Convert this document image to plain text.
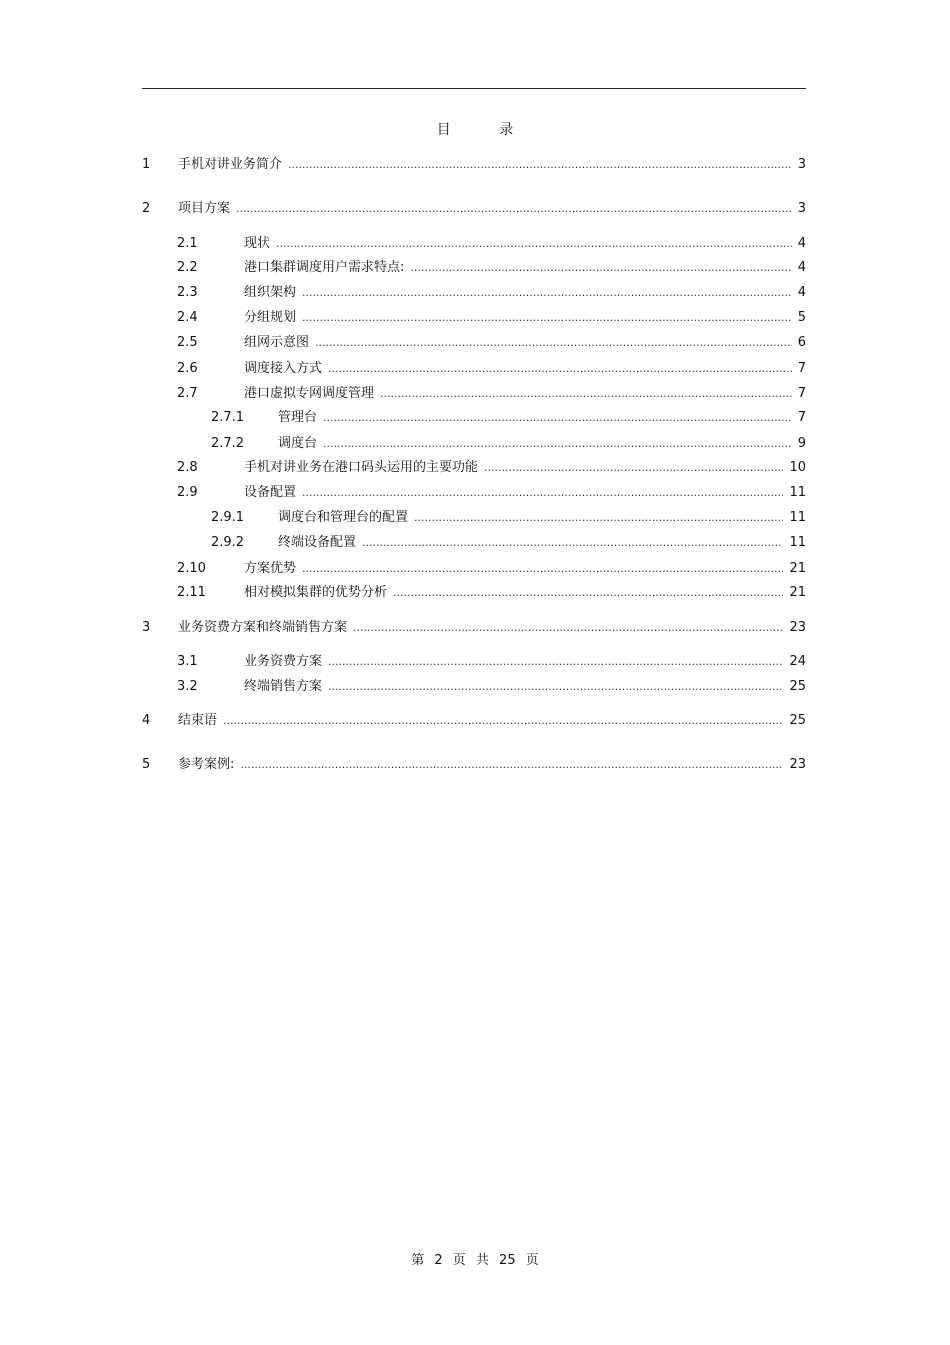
目 录
1	手机对讲业务简介 .....	3
2	项目方案 .....	3
2.1	现状 .....	4
2.2	港口集群调度用户需求特点: .....	4
2.3	组织架构 .....	4
2.4	分组规划 .....	5
2.5	组网示意图 .....	6
2.6	调度接入方式 .....	7
2.7	港口虚拟专网调度管理 .....	7
2.7.1	管理台 .....	7
2.7.2	调度台 .....	9
2.8	手机对讲业务在港口码头运用的主要功能 .....	10
2.9	设备配置 .....	11
2.9.1	调度台和管理台的配置 .....	11
2.9.2	终端设备配置 .....	11
2.10	方案优势 .....	21
2.11	相对模拟集群的优势分析 .....	21
3	业务资费方案和终端销售方案 .....	23
3.1	业务资费方案 .....	24
3.2	终端销售方案 .....	25
4	结束语 .....	25
5	参考案例: .....	23
第 2 页 共 25 页
